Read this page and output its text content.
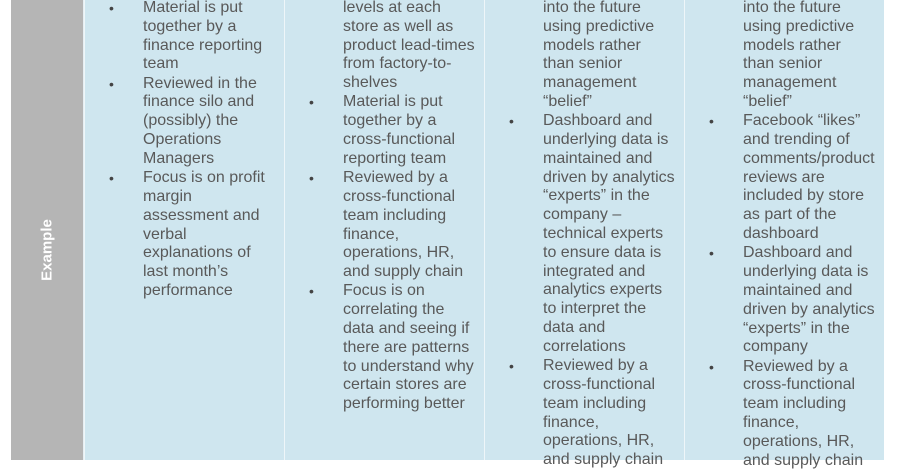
Example
• Material is put together by a finance reporting team
• Reviewed in the finance silo and (possibly) the Operations Managers
• Focus is on profit margin assessment and verbal explanations of last month’s performance
levels at each store as well as product lead-times from factory-to-shelves
• Material is put together by a cross-functional reporting team
• Reviewed by a cross-functional team including finance, operations, HR, and supply chain
• Focus is on correlating the data and seeing if there are patterns to understand why certain stores are performing better
into the future using predictive models rather than senior management “belief”
• Dashboard and underlying data is maintained and driven by analytics “experts” in the company – technical experts to ensure data is integrated and analytics experts to interpret the data and correlations
• Reviewed by a cross-functional team including finance, operations, HR, and supply chain
into the future using predictive models rather than senior management “belief”
• Facebook “likes” and trending of comments/product reviews are included by store as part of the dashboard
• Dashboard and underlying data is maintained and driven by analytics “experts” in the company
• Reviewed by a cross-functional team including finance, operations, HR, and supply chain
